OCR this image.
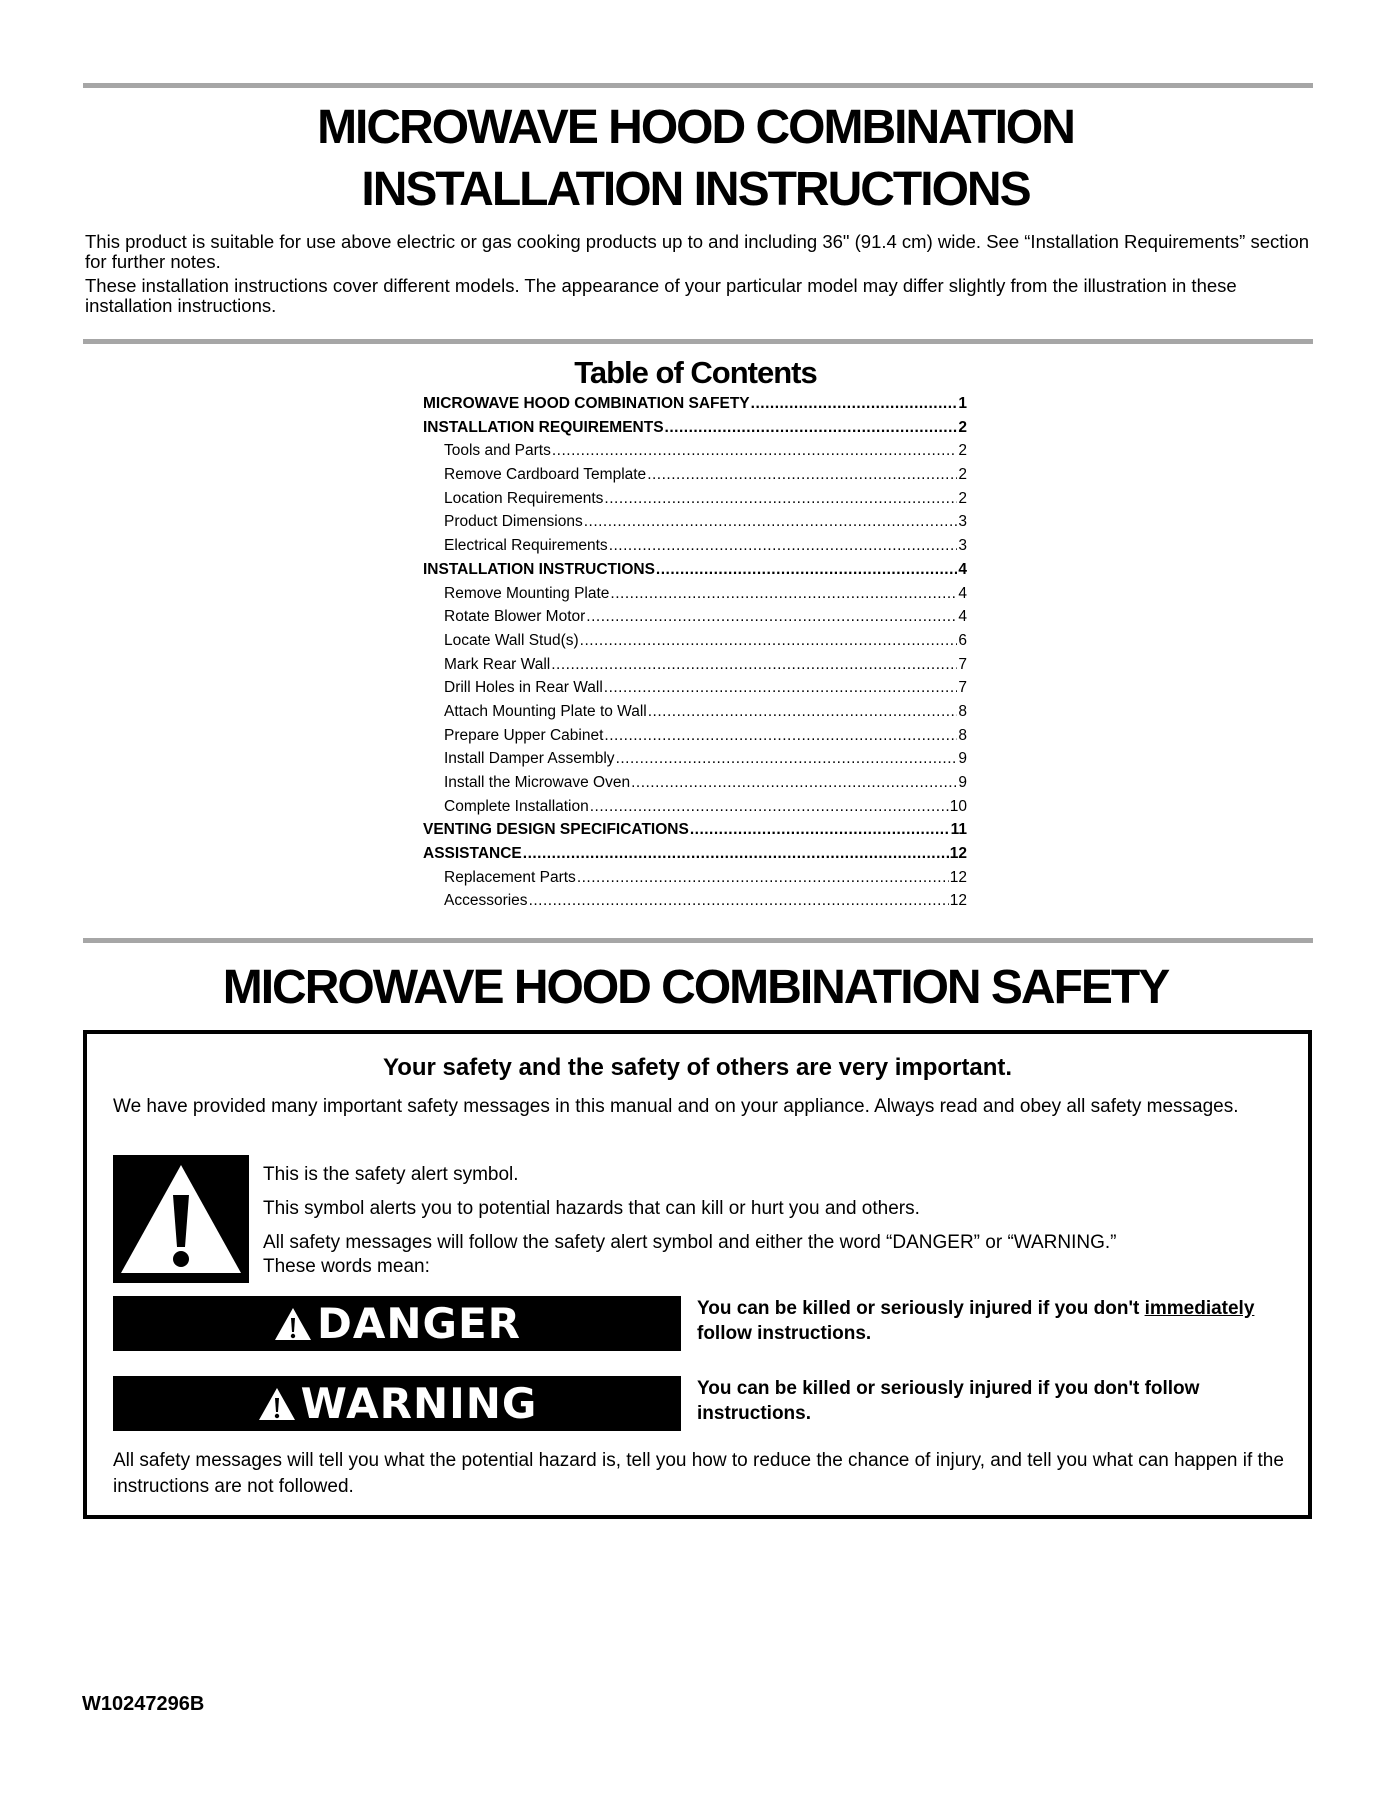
MICROWAVE HOOD COMBINATION
INSTALLATION INSTRUCTIONS

This product is suitable for use above electric or gas cooking products up to and including 36" (91.4 cm) wide. See “Installation Requirements” section for further notes.

These installation instructions cover different models. The appearance of your particular model may differ slightly from the illustration in these installation instructions.

Table of Contents
MICROWAVE HOOD COMBINATION SAFETY .....	1
INSTALLATION REQUIREMENTS .....	2
Tools and Parts .....	2
Remove Cardboard Template .....	2
Location Requirements .....	2
Product Dimensions .....	3
Electrical Requirements .....	3
INSTALLATION INSTRUCTIONS .....	4
Remove Mounting Plate .....	4
Rotate Blower Motor .....	4
Locate Wall Stud(s) .....	6
Mark Rear Wall .....	7
Drill Holes in Rear Wall .....	7
Attach Mounting Plate to Wall .....	8
Prepare Upper Cabinet .....	8
Install Damper Assembly .....	9
Install the Microwave Oven .....	9
Complete Installation .....	10
VENTING DESIGN SPECIFICATIONS .....	11
ASSISTANCE .....	12
Replacement Parts .....	12
Accessories .....	12
MICROWAVE HOOD COMBINATION SAFETY

Your safety and the safety of others are very important.

We have provided many important safety messages in this manual and on your appliance. Always read and obey all safety messages.

This is the safety alert symbol.

This symbol alerts you to potential hazards that can kill or hurt you and others.

All safety messages will follow the safety alert symbol and either the word “DANGER” or “WARNING.”

These words mean:

DANGER	You can be killed or seriously injured if you don't immediately follow instructions.

WARNING	You can be killed or seriously injured if you don't follow instructions.

All safety messages will tell you what the potential hazard is, tell you how to reduce the chance of injury, and tell you what can happen if the instructions are not followed.

W10247296B
